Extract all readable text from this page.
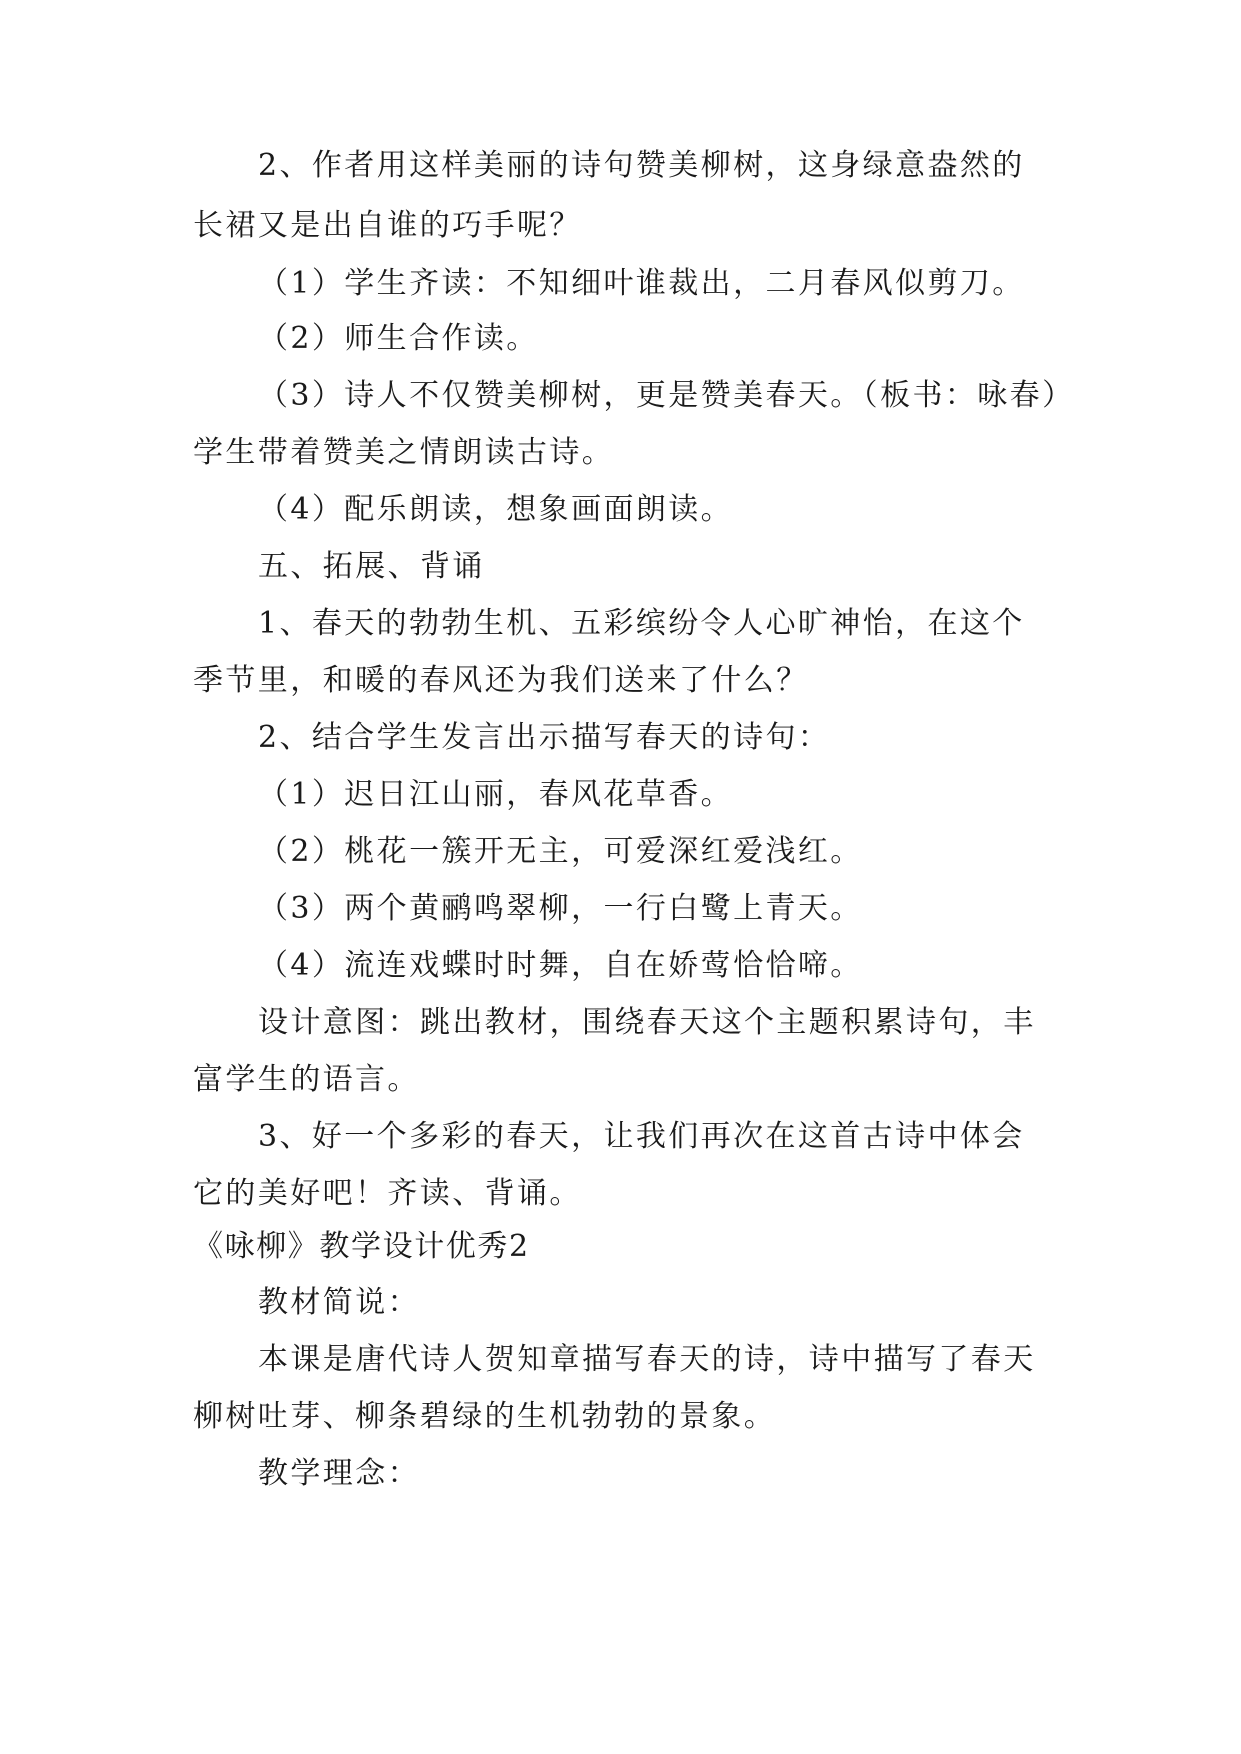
2、作者用这样美丽的诗句赞美柳树，这身绿意盎然的
长裙又是出自谁的巧手呢？
（1）学生齐读：不知细叶谁裁出，二月春风似剪刀。
（2）师生合作读。
（3）诗人不仅赞美柳树，更是赞美春天。（板书：咏春）
学生带着赞美之情朗读古诗。
（4）配乐朗读，想象画面朗读。
五、拓展、背诵
1、春天的勃勃生机、五彩缤纷令人心旷神怡，在这个
季节里，和暖的春风还为我们送来了什么？
2、结合学生发言出示描写春天的诗句：
（1）迟日江山丽，春风花草香。
（2）桃花一簇开无主，可爱深红爱浅红。
（3）两个黄鹂鸣翠柳，一行白鹭上青天。
（4）流连戏蝶时时舞，自在娇莺恰恰啼。
设计意图：跳出教材，围绕春天这个主题积累诗句，丰
富学生的语言。
3、好一个多彩的春天，让我们再次在这首古诗中体会
它的美好吧！齐读、背诵。
《咏柳》教学设计优秀2
教材简说：
本课是唐代诗人贺知章描写春天的诗，诗中描写了春天
柳树吐芽、柳条碧绿的生机勃勃的景象。
教学理念：
